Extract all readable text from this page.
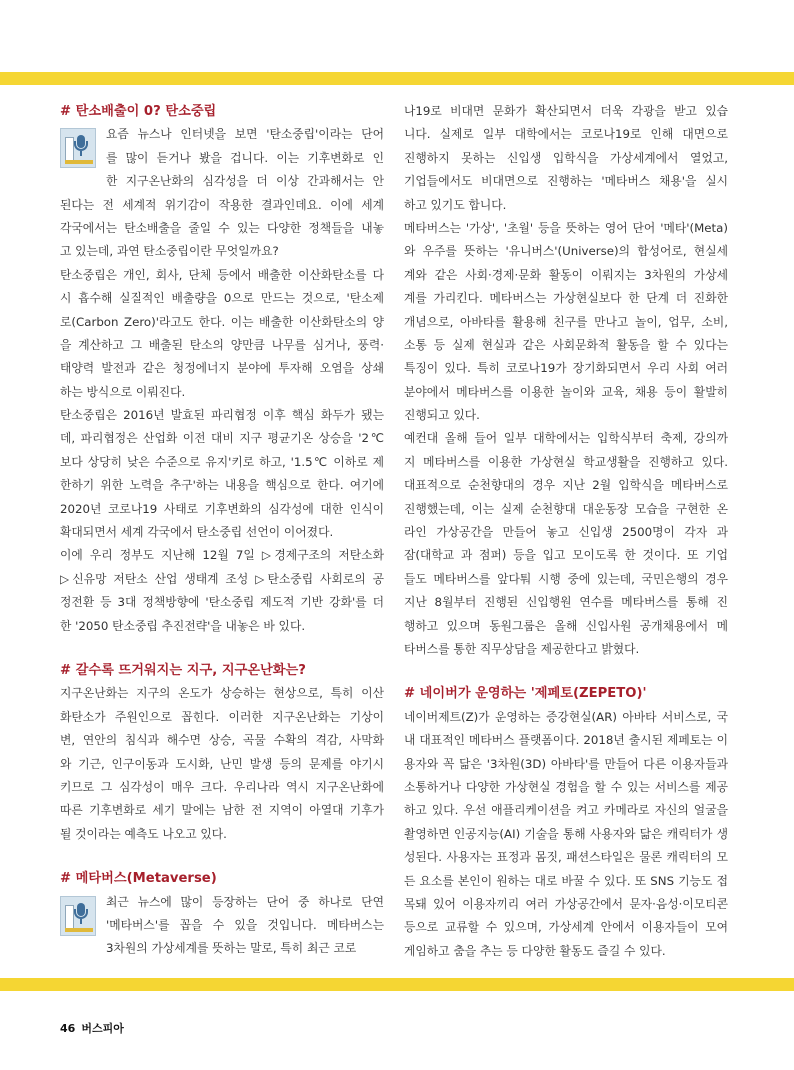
# 탄소배출이 0? 탄소중립
요즘 뉴스나 인터넷을 보면 '탄소중립'이라는 단어
를 많이 듣거나 봤을 겁니다. 이는 기후변화로 인
한 지구온난화의 심각성을 더 이상 간과해서는 안
된다는 전 세계적 위기감이 작용한 결과인데요. 이에 세계
각국에서는 탄소배출을 줄일 수 있는 다양한 정책들을 내놓
고 있는데, 과연 탄소중립이란 무엇일까요?
탄소중립은 개인, 회사, 단체 등에서 배출한 이산화탄소를 다
시 흡수해 실질적인 배출량을 0으로 만드는 것으로, '탄소제
로(Carbon Zero)'라고도 한다. 이는 배출한 이산화탄소의 양
을 계산하고 그 배출된 탄소의 양만큼 나무를 심거나, 풍력·
태양력 발전과 같은 청정에너지 분야에 투자해 오염을 상쇄
하는 방식으로 이뤄진다.
탄소중립은 2016년 발효된 파리협정 이후 핵심 화두가 됐는
데, 파리협정은 산업화 이전 대비 지구 평균기온 상승을 '2℃
보다 상당히 낮은 수준으로 유지'키로 하고, '1.5℃ 이하로 제
한하기 위한 노력을 추구'하는 내용을 핵심으로 한다. 여기에
2020년 코로나19 사태로 기후변화의 심각성에 대한 인식이
확대되면서 세계 각국에서 탄소중립 선언이 이어졌다.
이에 우리 정부도 지난해 12월 7일 ▷경제구조의 저탄소화
▷신유망 저탄소 산업 생태계 조성 ▷탄소중립 사회로의 공
정전환 등 3대 정책방향에 '탄소중립 제도적 기반 강화'를 더
한 '2050 탄소중립 추진전략'을 내놓은 바 있다.
# 갈수록 뜨거워지는 지구, 지구온난화는?
지구온난화는 지구의 온도가 상승하는 현상으로, 특히 이산
화탄소가 주원인으로 꼽힌다. 이러한 지구온난화는 기상이
변, 연안의 침식과 해수면 상승, 곡물 수확의 격감, 사막화
와 기근, 인구이동과 도시화, 난민 발생 등의 문제를 야기시
키므로 그 심각성이 매우 크다. 우리나라 역시 지구온난화에
따른 기후변화로 세기 말에는 남한 전 지역이 아열대 기후가
될 것이라는 예측도 나오고 있다.
# 메타버스(Metaverse)
최근 뉴스에 많이 등장하는 단어 중 하나로 단연
'메타버스'를 꼽을 수 있을 것입니다. 메타버스는
3차원의 가상세계를 뜻하는 말로, 특히 최근 코로
나19로 비대면 문화가 확산되면서 더욱 각광을 받고 있습
니다. 실제로 일부 대학에서는 코로나19로 인해 대면으로
진행하지 못하는 신입생 입학식을 가상세계에서 열었고,
기업들에서도 비대면으로 진행하는 '메타버스 채용'을 실시
하고 있기도 합니다.
메타버스는 '가상', '초월' 등을 뜻하는 영어 단어 '메타'(Meta)
와 우주를 뜻하는 '유니버스'(Universe)의 합성어로, 현실세
계와 같은 사회·경제·문화 활동이 이뤄지는 3차원의 가상세
계를 가리킨다. 메타버스는 가상현실보다 한 단계 더 진화한
개념으로, 아바타를 활용해 친구를 만나고 놀이, 업무, 소비,
소통 등 실제 현실과 같은 사회문화적 활동을 할 수 있다는
특징이 있다. 특히 코로나19가 장기화되면서 우리 사회 여러
분야에서 메타버스를 이용한 놀이와 교육, 채용 등이 활발히
진행되고 있다.
예컨대 올해 들어 일부 대학에서는 입학식부터 축제, 강의까
지 메타버스를 이용한 가상현실 학교생활을 진행하고 있다.
대표적으로 순천향대의 경우 지난 2월 입학식을 메타버스로
진행했는데, 이는 실제 순천향대 대운동장 모습을 구현한 온
라인 가상공간을 만들어 놓고 신입생 2500명이 각자 과
잠(대학교 과 점퍼) 등을 입고 모이도록 한 것이다. 또 기업
들도 메타버스를 앞다퉈 시행 중에 있는데, 국민은행의 경우
지난 8월부터 진행된 신입행원 연수를 메타버스를 통해 진
행하고 있으며 동원그룹은 올해 신입사원 공개채용에서 메
타버스를 통한 직무상담을 제공한다고 밝혔다.
# 네이버가 운영하는 '제페토(ZEPETO)'
네이버제트(Z)가 운영하는 증강현실(AR) 아바타 서비스로, 국
내 대표적인 메타버스 플랫폼이다. 2018년 출시된 제페토는 이
용자와 꼭 닮은 '3차원(3D) 아바타'를 만들어 다른 이용자들과
소통하거나 다양한 가상현실 경험을 할 수 있는 서비스를 제공
하고 있다. 우선 애플리케이션을 켜고 카메라로 자신의 얼굴을
촬영하면 인공지능(AI) 기술을 통해 사용자와 닮은 캐릭터가 생
성된다. 사용자는 표정과 몸짓, 패션스타일은 물론 캐릭터의 모
든 요소를 본인이 원하는 대로 바꿀 수 있다. 또 SNS 기능도 접
목돼 있어 이용자끼리 여러 가상공간에서 문자·음성·이모티콘
등으로 교류할 수 있으며, 가상세계 안에서 이용자들이 모여
게임하고 춤을 추는 등 다양한 활동도 즐길 수 있다.
46 버스피아
